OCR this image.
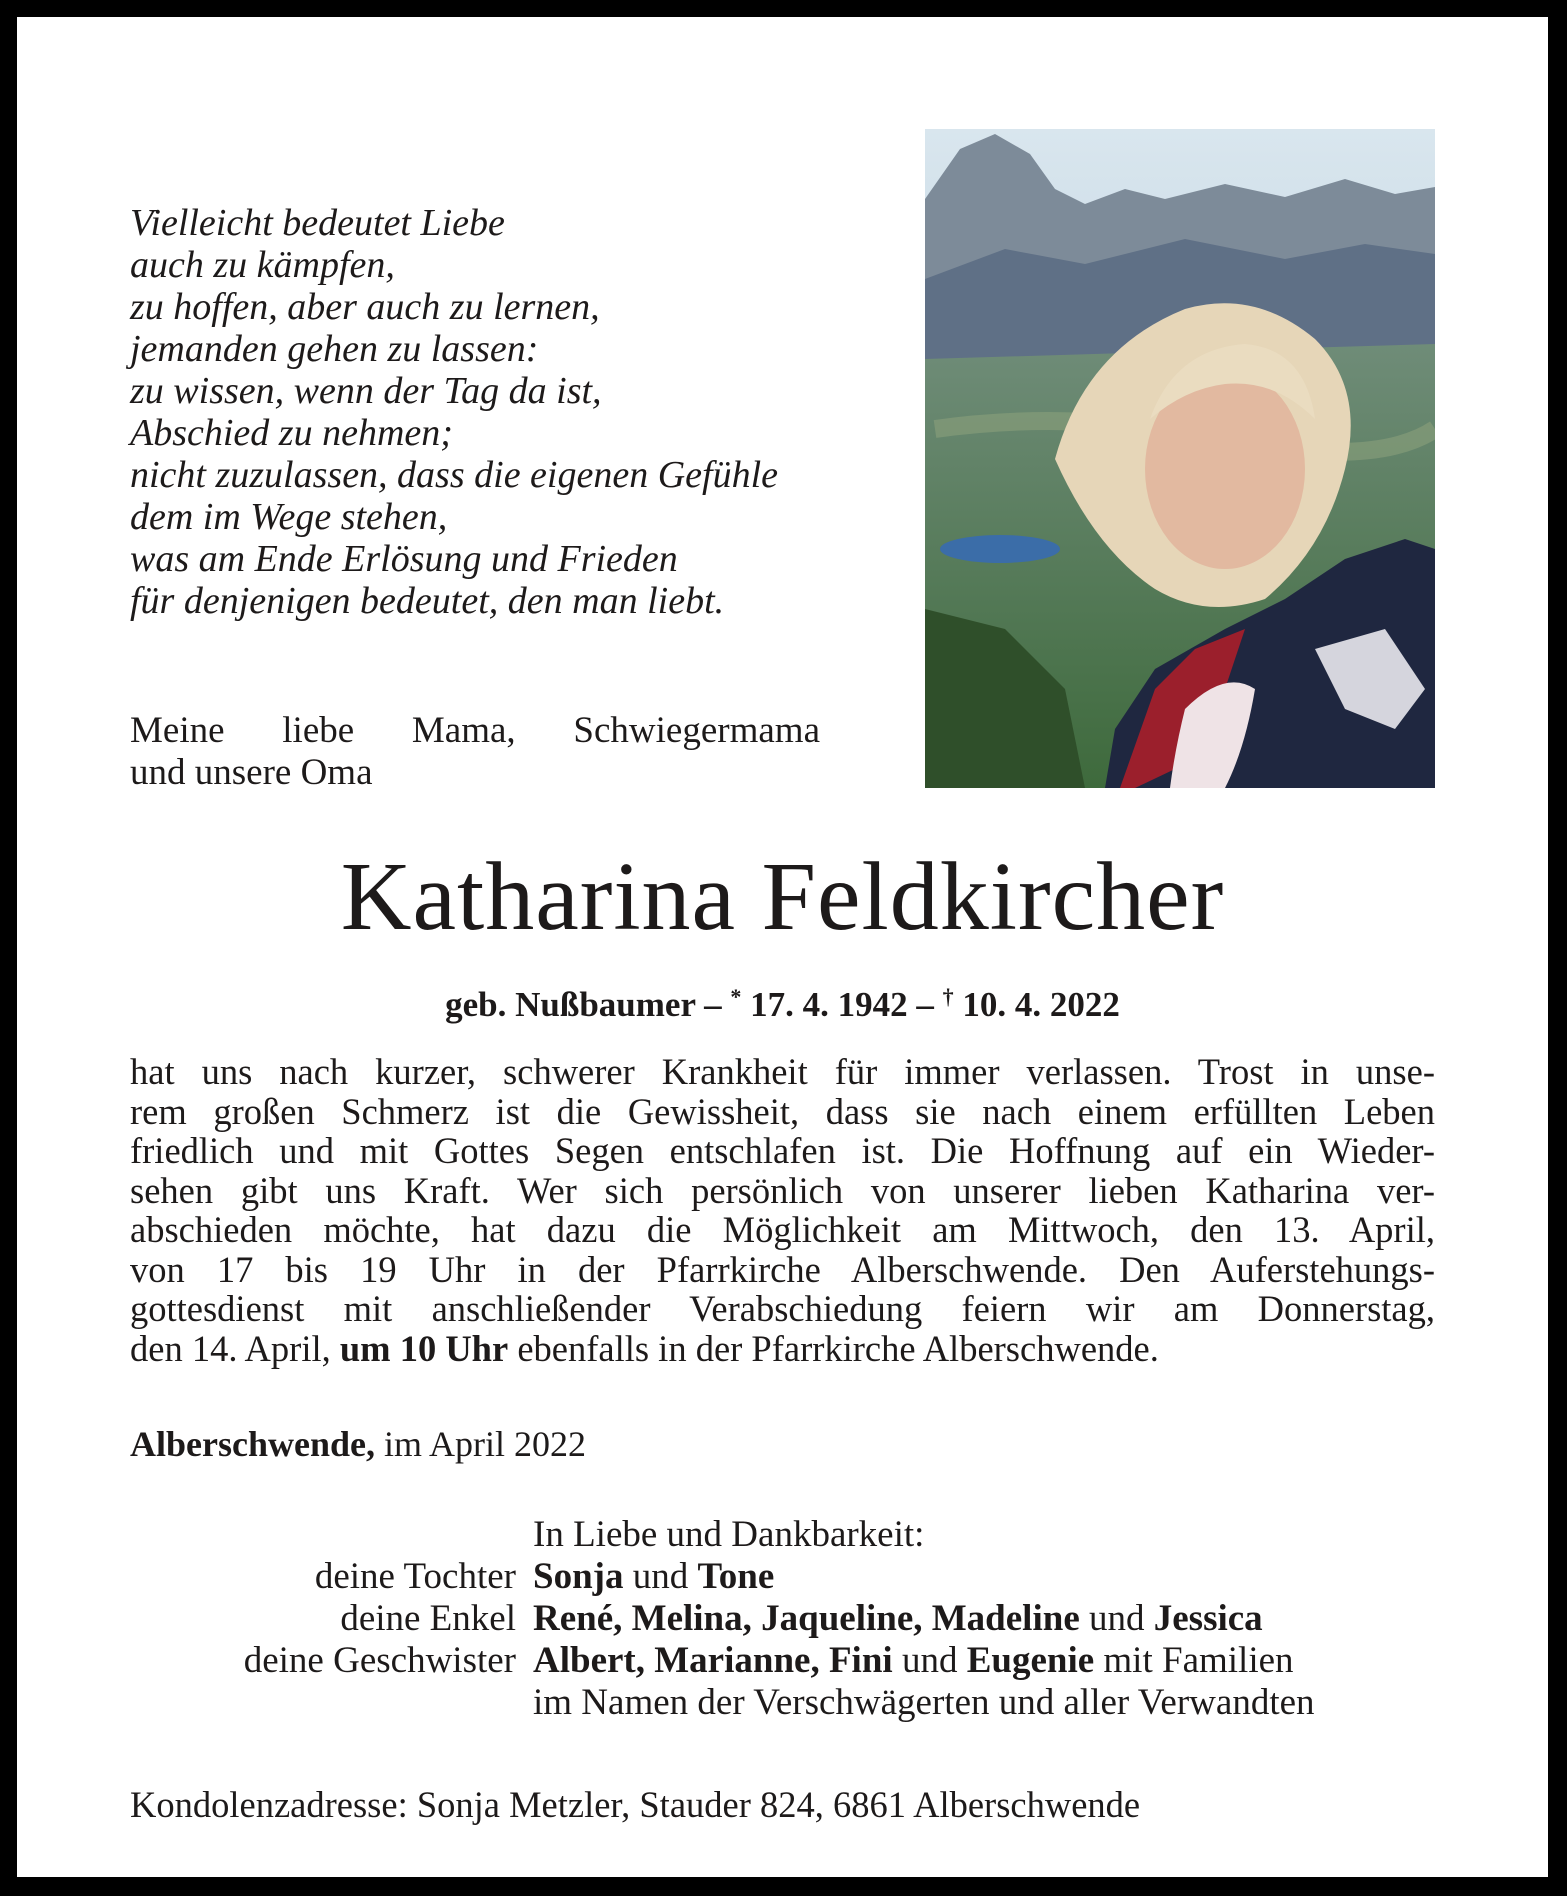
Vielleicht bedeutet Liebe
auch zu kämpfen,
zu hoffen, aber auch zu lernen,
jemanden gehen zu lassen:
zu wissen, wenn der Tag da ist,
Abschied zu nehmen;
nicht zuzulassen, dass die eigenen Gefühle
dem im Wege stehen,
was am Ende Erlösung und Frieden
für denjenigen bedeutet, den man liebt.
Meine liebe Mama, Schwiegermama
und unsere Oma
Katharina Feldkircher
geb. Nußbaumer – * 17. 4. 1942 – † 10. 4. 2022
hat uns nach kurzer, schwerer Krankheit für immer verlassen. Trost in unse-
rem großen Schmerz ist die Gewissheit, dass sie nach einem erfüllten Leben
friedlich und mit Gottes Segen entschlafen ist. Die Hoffnung auf ein Wieder-
sehen gibt uns Kraft. Wer sich persönlich von unserer lieben Katharina ver-
abschieden möchte, hat dazu die Möglichkeit am Mittwoch, den 13. April,
von 17 bis 19 Uhr in der Pfarrkirche Alberschwende. Den Auferstehungs-
gottesdienst mit anschließender Verabschiedung feiern wir am Donnerstag,
den 14. April, um 10 Uhr ebenfalls in der Pfarrkirche Alberschwende.
Alberschwende, im April 2022
In Liebe und Dankbarkeit:
deine Tochter Sonja und Tone
deine Enkel René, Melina, Jaqueline, Madeline und Jessica
deine Geschwister Albert, Marianne, Fini und Eugenie mit Familien
im Namen der Verschwägerten und aller Verwandten
Kondolenzadresse: Sonja Metzler, Stauder 824, 6861 Alberschwende
